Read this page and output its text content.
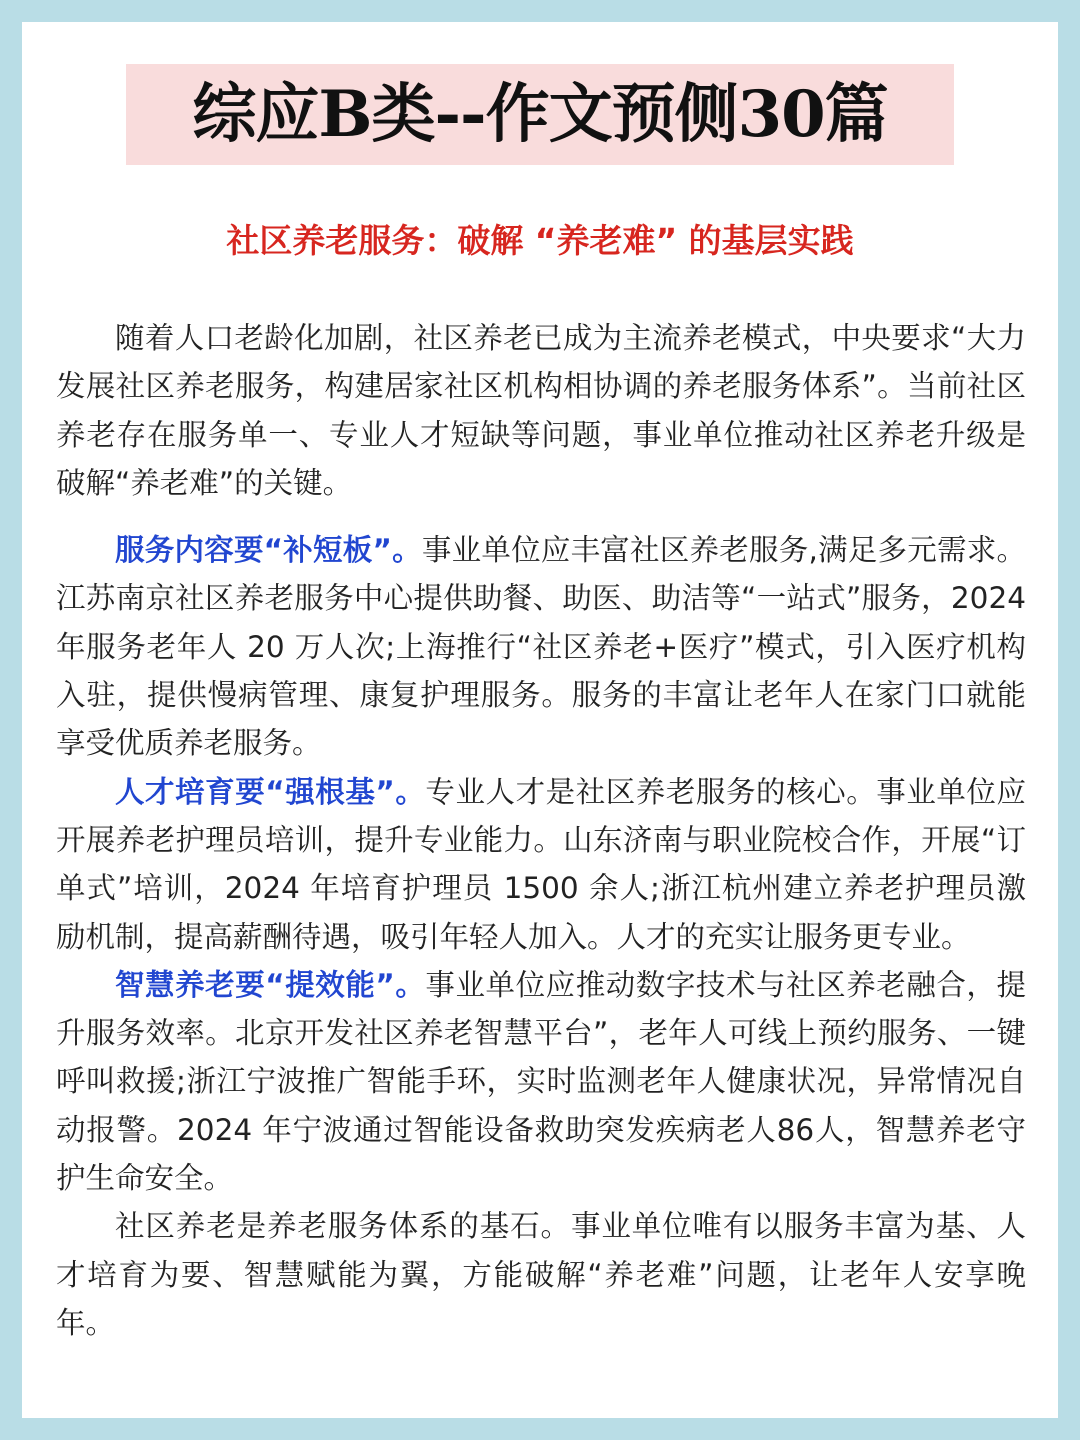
综应B类--作文预侧30篇
社区养老服务：破解 “养老难” 的基层实践

随着人口老龄化加剧，社区养老已成为主流养老模式，中央要求“大力发展社区养老服务，构建居家社区机构相协调的养老服务体系”。当前社区养老存在服务单一、专业人才短缺等问题，事业单位推动社区养老升级是破解“养老难”的关键。

服务内容要“补短板”。事业单位应丰富社区养老服务,满足多元需求。江苏南京社区养老服务中心提供助餐、助医、助洁等“一站式”服务，2024 年服务老年人 20 万人次;上海推行“社区养老+医疗”模式，引入医疗机构入驻，提供慢病管理、康复护理服务。服务的丰富让老年人在家门口就能享受优质养老服务。

人才培育要“强根基”。专业人才是社区养老服务的核心。事业单位应开展养老护理员培训，提升专业能力。山东济南与职业院校合作，开展“订单式”培训，2024 年培育护理员 1500 余人;浙江杭州建立养老护理员激励机制，提高薪酬待遇，吸引年轻人加入。人才的充实让服务更专业。

智慧养老要“提效能”。事业单位应推动数字技术与社区养老融合，提升服务效率。北京开发社区养老智慧平台”，老年人可线上预约服务、一键呼叫救援;浙江宁波推广智能手环，实时监测老年人健康状况，异常情况自动报警。2024 年宁波通过智能设备救助突发疾病老人86人，智慧养老守护生命安全。

社区养老是养老服务体系的基石。事业单位唯有以服务丰富为基、人才培育为要、智慧赋能为翼，方能破解“养老难”问题，让老年人安享晚年。
